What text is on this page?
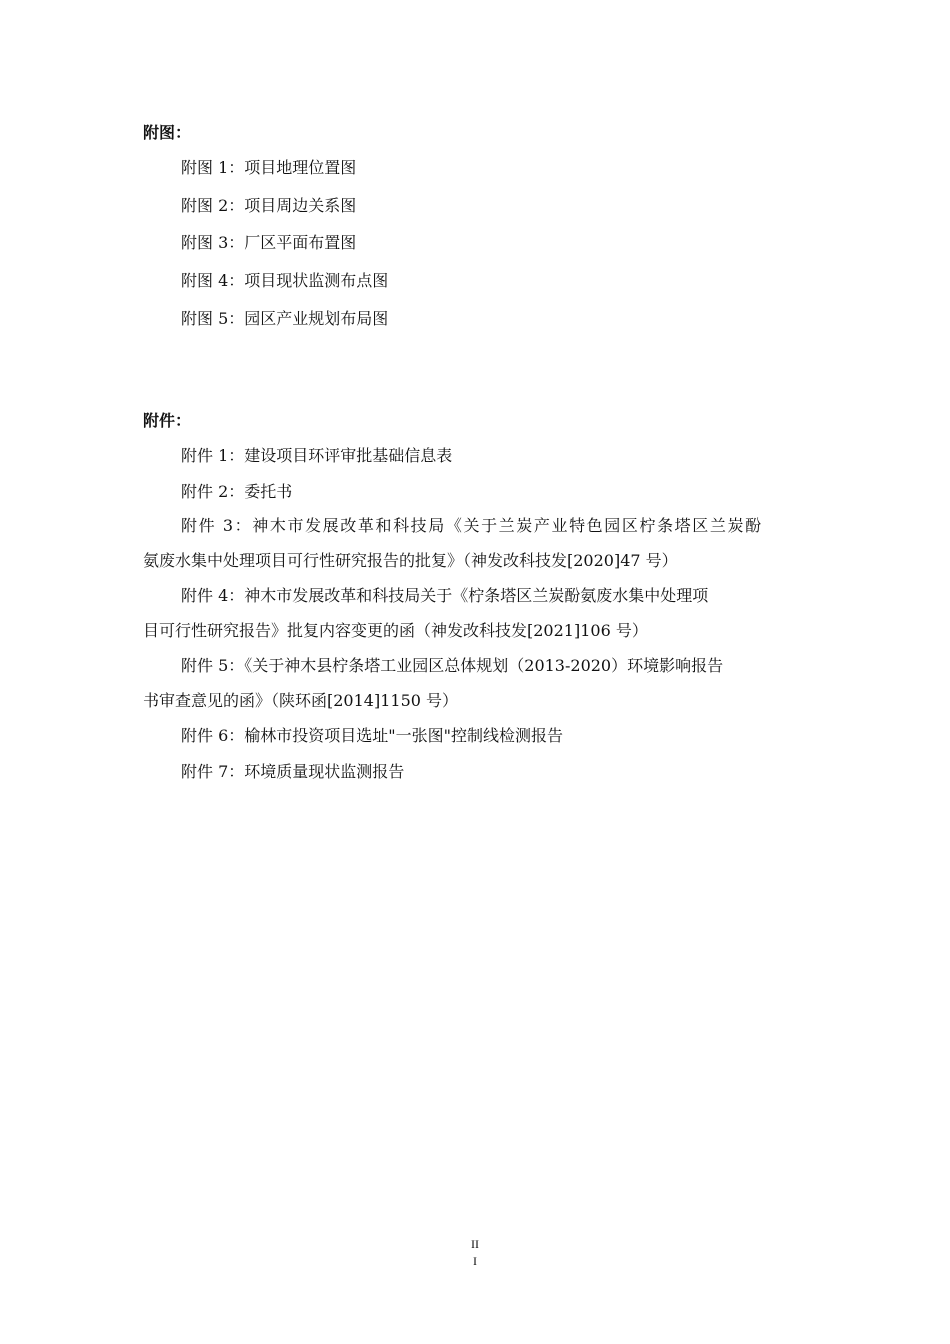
附图：
附图 1：项目地理位置图
附图 2：项目周边关系图
附图 3：厂区平面布置图
附图 4：项目现状监测布点图
附图 5：园区产业规划布局图
附件：
附件 1：建设项目环评审批基础信息表
附件 2：委托书
附件 3：神木市发展改革和科技局《关于兰炭产业特色园区柠条塔区兰炭酚
氨废水集中处理项目可行性研究报告的批复》（神发改科技发[2020]47 号）
附件 4：神木市发展改革和科技局关于《柠条塔区兰炭酚氨废水集中处理项
目可行性研究报告》批复内容变更的函（神发改科技发[2021]106 号）
附件 5：《关于神木县柠条塔工业园区总体规划（2013-2020）环境影响报告
书审查意见的函》（陕环函[2014]1150 号）
附件 6：榆林市投资项目选址"一张图"控制线检测报告
附件 7：环境质量现状监测报告
II
I
